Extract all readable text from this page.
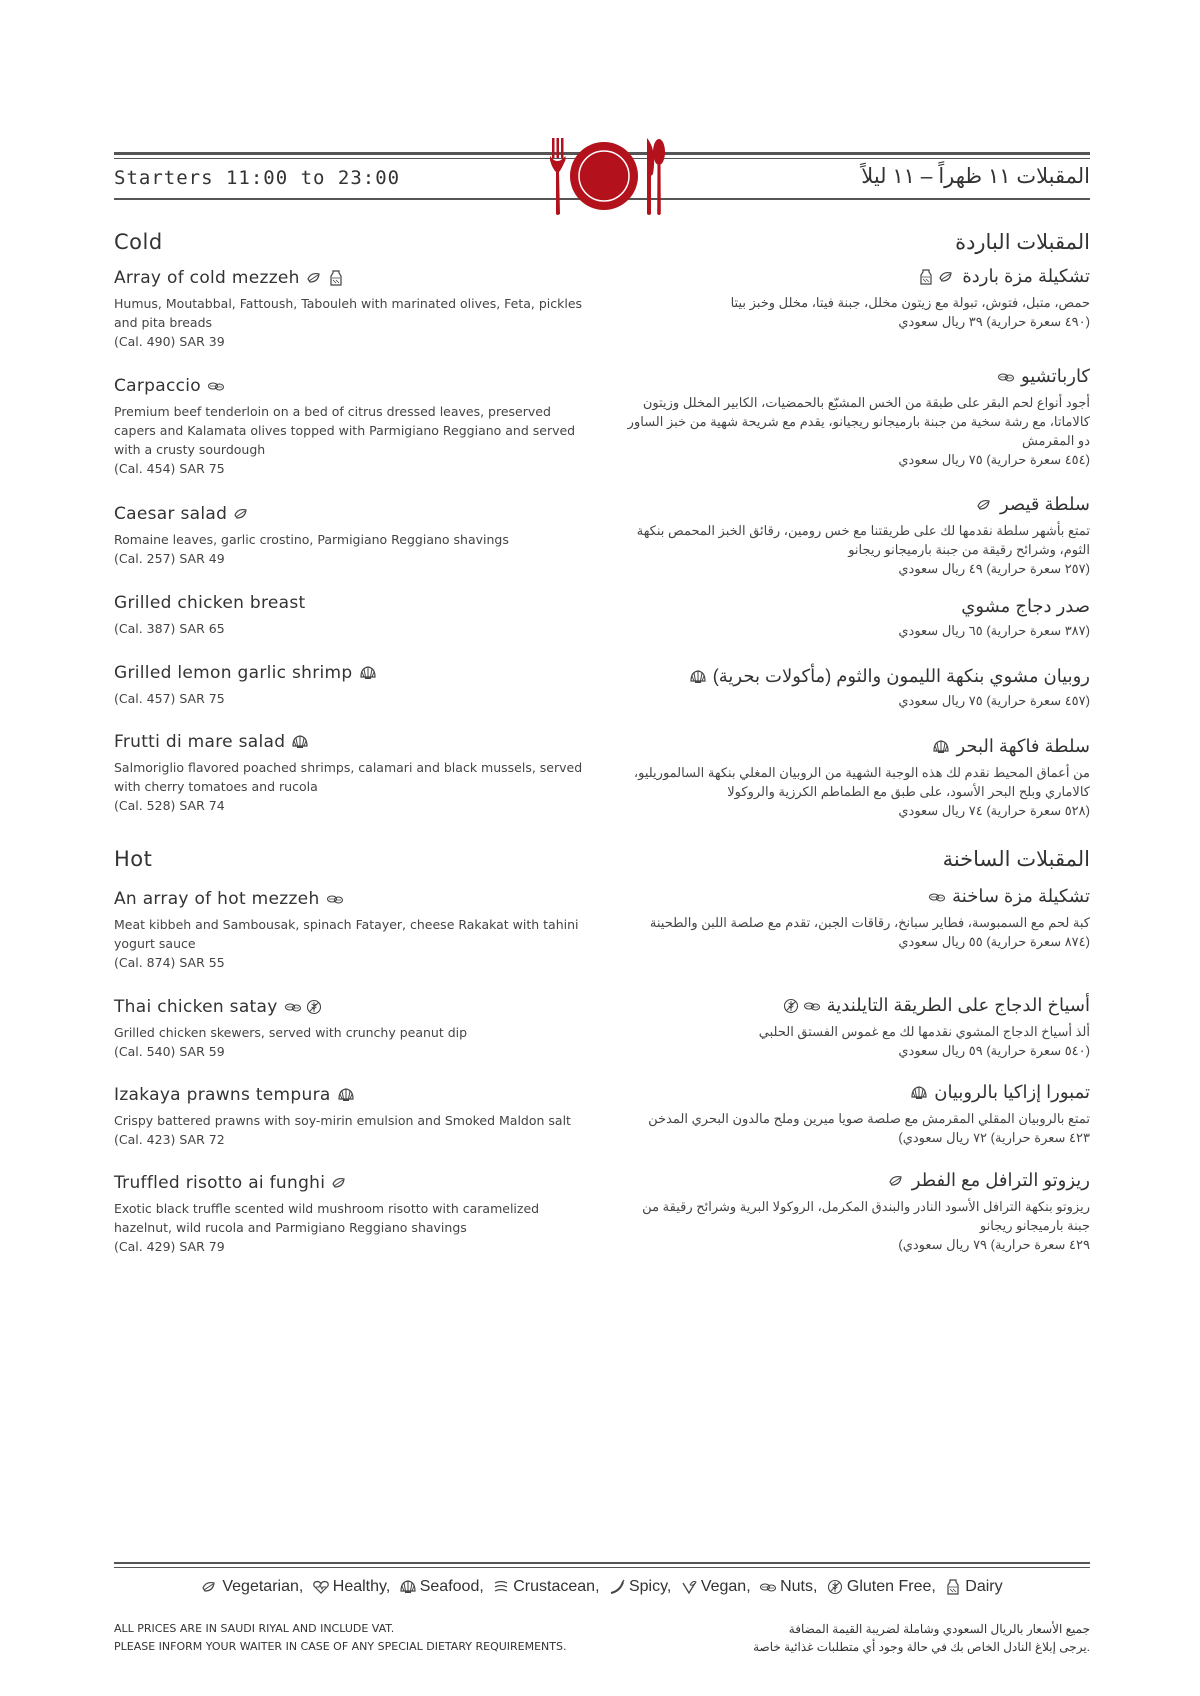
Starters 11:00 to 23:00	المقبلات ١١ ظهراً – ١١ ليلاً
Cold
Array of cold mezzeh
Humus, Moutabbal, Fattoush, Tabouleh with marinated olives, Feta, pickles and pita breads
(Cal. 490) SAR 39
Carpaccio
Premium beef tenderloin on a bed of citrus dressed leaves, preserved capers and Kalamata olives topped with Parmigiano Reggiano and served with a crusty sourdough
(Cal. 454) SAR 75
Caesar salad
Romaine leaves, garlic crostino, Parmigiano Reggiano shavings
(Cal. 257) SAR 49
Grilled chicken breast
(Cal. 387) SAR 65
Grilled lemon garlic shrimp
(Cal. 457) SAR 75
Frutti di mare salad
Salmoriglio flavored poached shrimps, calamari and black mussels, served with cherry tomatoes and rucola
(Cal. 528) SAR 74
Hot
An array of hot mezzeh
Meat kibbeh and Sambousak, spinach Fatayer, cheese Rakakat with tahini yogurt sauce
(Cal. 874) SAR 55
Thai chicken satay
Grilled chicken skewers, served with crunchy peanut dip
(Cal. 540) SAR 59
Izakaya prawns tempura
Crispy battered prawns with soy-mirin emulsion and Smoked Maldon salt
(Cal. 423) SAR 72
Truffled risotto ai funghi
Exotic black truffle scented wild mushroom risotto with caramelized hazelnut, wild rucola and Parmigiano Reggiano shavings
(Cal. 429) SAR 79
المقبلات الباردة
تشكيلة مزة باردة
حمص، متبل، فتوش، تبولة مع زيتون مخلل، جبنة فيتا، مخلل وخبز بيتا
(٤٩٠ سعرة حرارية) ٣٩ ريال سعودي
كارباتشيو
أجود أنواع لحم البقر على طبقة من الخس المشبّع بالحمضيات، الكابير المخلل وزيتون كالاماتا، مع رشة سخية من جبنة بارميجانو ريجيانو، يقدم مع شريحة شهية من خبز الساور دو المقرمش
(٤٥٤ سعرة حرارية) ٧٥ ريال سعودي
سلطة قيصر
تمتع بأشهر سلطة نقدمها لك على طريقتنا مع خس رومين، رقائق الخبز المحمص بنكهة الثوم، وشرائح رقيقة من جبنة بارميجانو ريجانو
(٢٥٧ سعرة حرارية) ٤٩ ريال سعودي
صدر دجاج مشوي
(٣٨٧ سعرة حرارية) ٦٥ ريال سعودي
روبيان مشوي بنكهة الليمون والثوم (مأكولات بحرية)
(٤٥٧ سعرة حرارية) ٧٥ ريال سعودي
سلطة فاكهة البحر
من أعماق المحيط نقدم لك هذه الوجبة الشهية من الروبيان المغلي بنكهة السالموريليو، كالاماري وبلح البحر الأسود، على طبق مع الطماطم الكرزية والروكولا
(٥٢٨ سعرة حرارية) ٧٤ ريال سعودي
المقبلات الساخنة
تشكيلة مزة ساخنة
كبة لحم مع السمبوسة، فطاير سبانخ، رقاقات الجبن، تقدم مع صلصة اللبن والطحينة
(٨٧٤ سعرة حرارية) ٥٥ ريال سعودي
أسياخ الدجاج على الطريقة التايلندية
ألذ أسياخ الدجاج المشوي نقدمها لك مع غموس الفستق الحلبي
(٥٤٠ سعرة حرارية) ٥٩ ريال سعودي
تمبورا إزاكيا بالروبيان
تمتع بالروبيان المقلي المقرمش مع صلصة صويا ميرين وملح مالدون البحري المدخن
٤٢٣ سعرة حرارية) ٧٢ ريال سعودي)
ريزوتو الترافل مع الفطر
ريزوتو بنكهة الترافل الأسود النادر والبندق المكرمل، الروكولا البرية وشرائح رقيقة من جبنة بارميجانو ريجانو
٤٢٩ سعرة حرارية) ٧٩ ريال سعودي)
Vegetarian,
Healthy,
Seafood,
Crustacean,
Spicy,
Vegan,
Nuts,
Gluten Free,
Dairy
ALL PRICES ARE IN SAUDI RIYAL AND INCLUDE VAT.
PLEASE INFORM YOUR WAITER IN CASE OF ANY SPECIAL DIETARY REQUIREMENTS.
جميع الأسعار بالريال السعودي وشاملة لضريبة القيمة المضافة
.يرجى إبلاغ النادل الخاص بك في حالة وجود أي متطلبات غذائية خاصة
